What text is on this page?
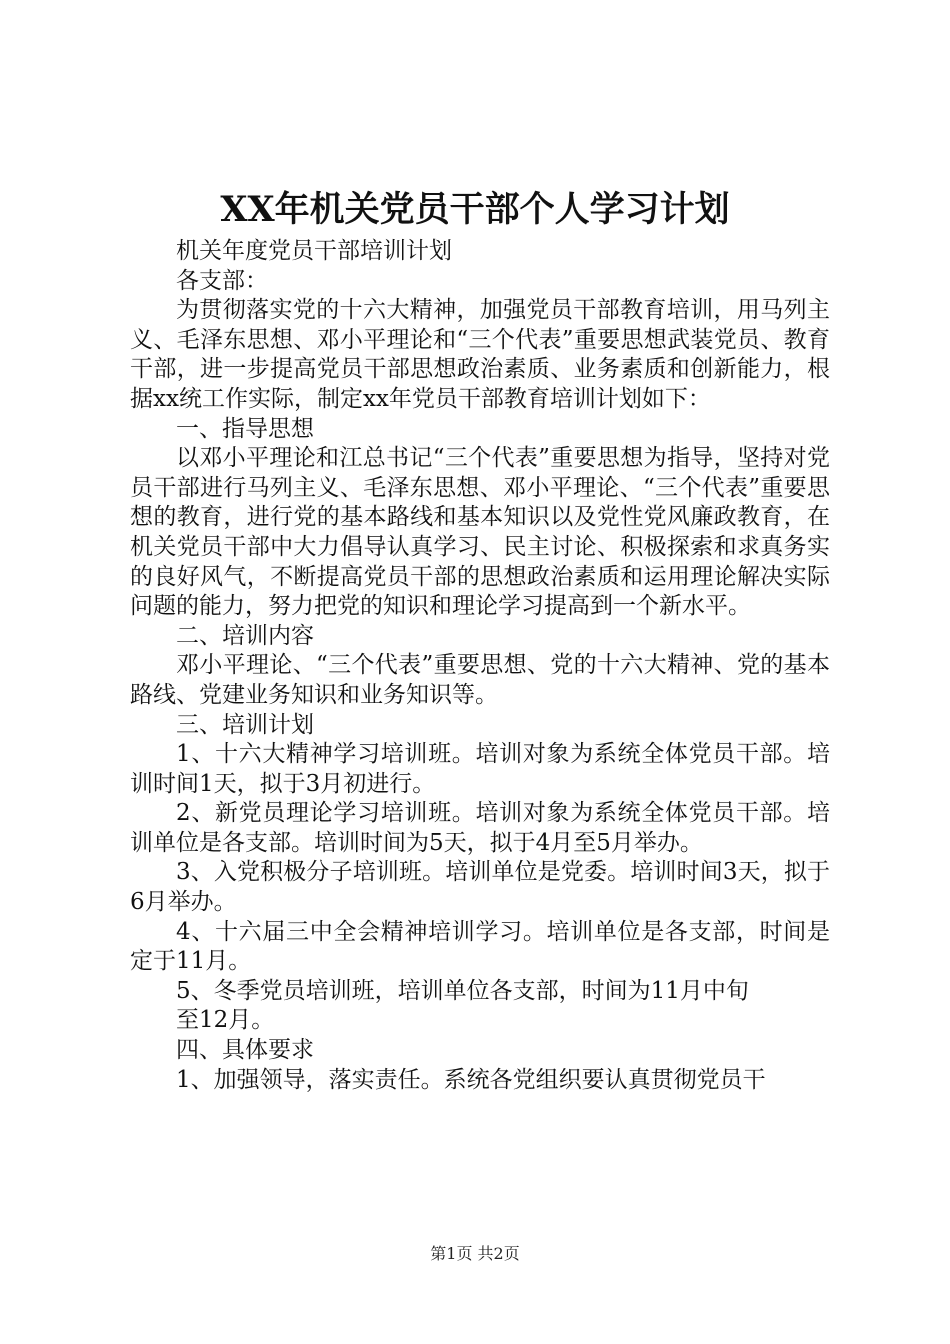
XX年机关党员干部个人学习计划

机关年度党员干部培训计划

各支部：

为贯彻落实党的十六大精神，加强党员干部教育培训，用马列主义、毛泽东思想、邓小平理论和“三个代表”重要思想武装党员、教育干部，进一步提高党员干部思想政治素质、业务素质和创新能力，根据xx统工作实际，制定xx年党员干部教育培训计划如下：

一、指导思想

以邓小平理论和江总书记“三个代表”重要思想为指导，坚持对党员干部进行马列主义、毛泽东思想、邓小平理论、“三个代表”重要思想的教育，进行党的基本路线和基本知识以及党性党风廉政教育，在机关党员干部中大力倡导认真学习、民主讨论、积极探索和求真务实的良好风气，不断提高党员干部的思想政治素质和运用理论解决实际问题的能力，努力把党的知识和理论学习提高到一个新水平。

二、培训内容

邓小平理论、“三个代表”重要思想、党的十六大精神、党的基本路线、党建业务知识和业务知识等。

三、培训计划

1、十六大精神学习培训班。培训对象为系统全体党员干部。培训时间1天，拟于3月初进行。

2、新党员理论学习培训班。培训对象为系统全体党员干部。培训单位是各支部。培训时间为5天，拟于4月至5月举办。

3、入党积极分子培训班。培训单位是党委。培训时间3天，拟于6月举办。

4、十六届三中全会精神培训学习。培训单位是各支部，时间是定于11月。

5、冬季党员培训班，培训单位各支部，时间为11月中旬

至12月。

四、具体要求

1、加强领导，落实责任。系统各党组织要认真贯彻党员干

第1页 共2页
